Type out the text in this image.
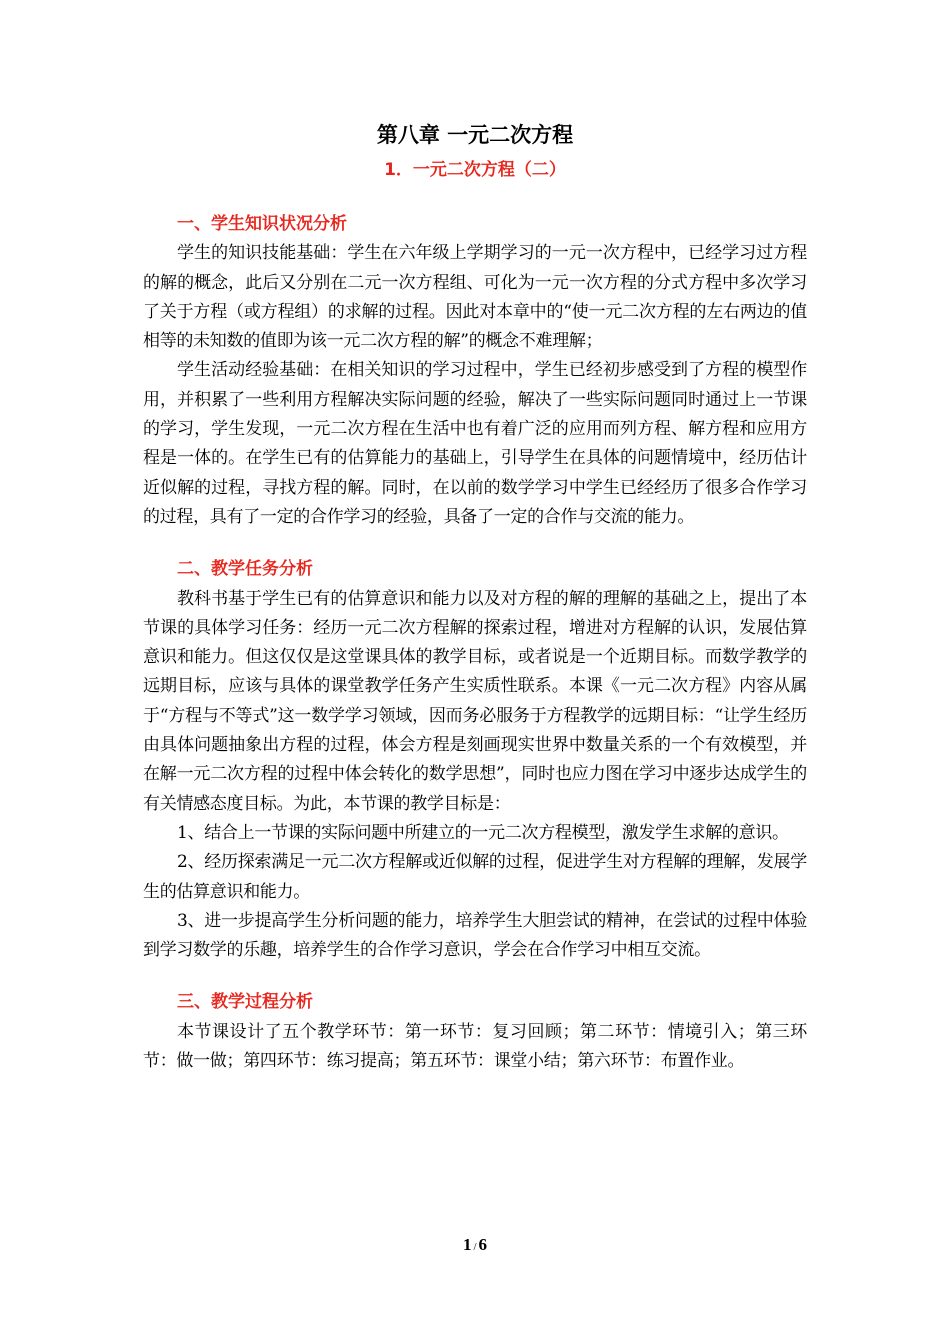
第八章 一元二次方程
1．一元二次方程（二）
一、学生知识状况分析

学生的知识技能基础：学生在六年级上学期学习的一元一次方程中，已经学习过方程的解的概念，此后又分别在二元一次方程组、可化为一元一次方程的分式方程中多次学习了关于方程（或方程组）的求解的过程。因此对本章中的“使一元二次方程的左右两边的值相等的未知数的值即为该一元二次方程的解”的概念不难理解；

学生活动经验基础：在相关知识的学习过程中，学生已经初步感受到了方程的模型作用，并积累了一些利用方程解决实际问题的经验，解决了一些实际问题同时通过上一节课的学习，学生发现，一元二次方程在生活中也有着广泛的应用而列方程、解方程和应用方程是一体的。在学生已有的估算能力的基础上，引导学生在具体的问题情境中，经历估计近似解的过程，寻找方程的解。同时，在以前的数学学习中学生已经经历了很多合作学习的过程，具有了一定的合作学习的经验，具备了一定的合作与交流的能力。

二、教学任务分析

教科书基于学生已有的估算意识和能力以及对方程的解的理解的基础之上，提出了本节课的具体学习任务：经历一元二次方程解的探索过程，增进对方程解的认识，发展估算意识和能力。但这仅仅是这堂课具体的教学目标，或者说是一个近期目标。而数学教学的远期目标，应该与具体的课堂教学任务产生实质性联系。本课《一元二次方程》内容从属于“方程与不等式”这一数学学习领域，因而务必服务于方程教学的远期目标：“让学生经历由具体问题抽象出方程的过程，体会方程是刻画现实世界中数量关系的一个有效模型，并在解一元二次方程的过程中体会转化的数学思想”，同时也应力图在学习中逐步达成学生的有关情感态度目标。为此，本节课的教学目标是：

1、结合上一节课的实际问题中所建立的一元二次方程模型，激发学生求解的意识。

2、经历探索满足一元二次方程解或近似解的过程，促进学生对方程解的理解，发展学生的估算意识和能力。

3、进一步提高学生分析问题的能力，培养学生大胆尝试的精神，在尝试的过程中体验到学习数学的乐趣，培养学生的合作学习意识，学会在合作学习中相互交流。

三、教学过程分析

本节课设计了五个教学环节：第一环节：复习回顾；第二环节：情境引入；第三环节：做一做；第四环节：练习提高；第五环节：课堂小结；第六环节：布置作业。

1 / 6
